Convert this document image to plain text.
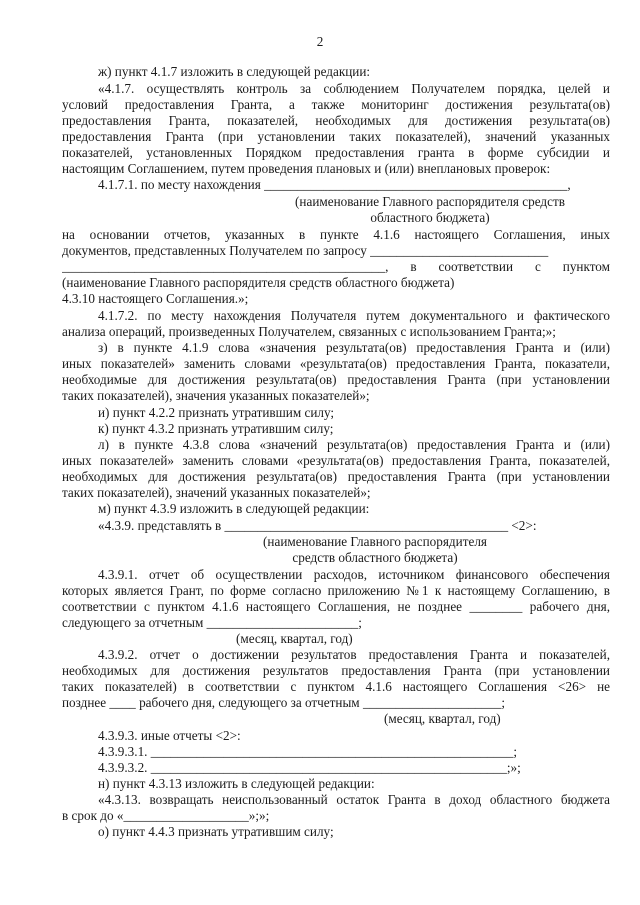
2
ж) пункт 4.1.7 изложить в следующей редакции:
«4.1.7. осуществлять контроль за соблюдением Получателем порядка, целей и
условий предоставления Гранта, а также мониторинг достижения результата(ов)
предоставления Гранта, показателей, необходимых для достижения результата(ов)
предоставления Гранта (при установлении таких показателей), значений указанных
показателей, установленных Порядком предоставления гранта в форме субсидии и
настоящим Соглашением, путем проведения плановых и (или) внеплановых проверок:
4.1.7.1. по месту нахождения ______________________________________________,
(наименование Главного распорядителя средств
областного бюджета)
на основании отчетов, указанных в пункте 4.1.6 настоящего Соглашения, иных
документов, представленных Получателем по запросу ___________________________
_________________________________________________, в соответствии с пунктом
(наименование Главного распорядителя средств областного бюджета)
4.3.10 настоящего Соглашения.»;
4.1.7.2. по месту нахождения Получателя путем документального и фактического
анализа операций, произведенных Получателем, связанных с использованием Гранта;»;
з) в пункте 4.1.9 слова «значения результата(ов) предоставления Гранта и (или)
иных показателей» заменить словами «результата(ов) предоставления Гранта, показатели,
необходимые для достижения результата(ов) предоставления Гранта (при установлении
таких показателей), значения указанных показателей»;
и) пункт 4.2.2 признать утратившим силу;
к) пункт 4.3.2 признать утратившим силу;
л) в пункте 4.3.8 слова «значений результата(ов) предоставления Гранта и (или)
иных показателей» заменить словами «результата(ов) предоставления Гранта, показателей,
необходимых для достижения результата(ов) предоставления Гранта (при установлении
таких показателей), значений указанных показателей»;
м) пункт 4.3.9 изложить в следующей редакции:
«4.3.9. представлять в ___________________________________________ <2>:
(наименование Главного распорядителя
средств областного бюджета)
4.3.9.1. отчет об осуществлении расходов, источником финансового обеспечения
которых является Грант, по форме согласно приложению №1 к настоящему Соглашению, в
соответствии с пунктом 4.1.6 настоящего Соглашения, не позднее ________ рабочего дня,
следующего за отчетным _______________________;
(месяц, квартал, год)
4.3.9.2. отчет о достижении результатов предоставления Гранта и показателей,
необходимых для достижения результатов предоставления Гранта (при установлении
таких показателей) в соответствии с пунктом 4.1.6 настоящего Соглашения <26> не
позднее ____ рабочего дня, следующего за отчетным _____________________;
(месяц, квартал, год)
4.3.9.3. иные отчеты <2>:
4.3.9.3.1. _______________________________________________________;
4.3.9.3.2. ______________________________________________________;»;
н) пункт 4.3.13 изложить в следующей редакции:
«4.3.13. возвращать неиспользованный остаток Гранта в доход областного бюджета
в срок до «___________________»;»;
о) пункт 4.4.3 признать утратившим силу;
